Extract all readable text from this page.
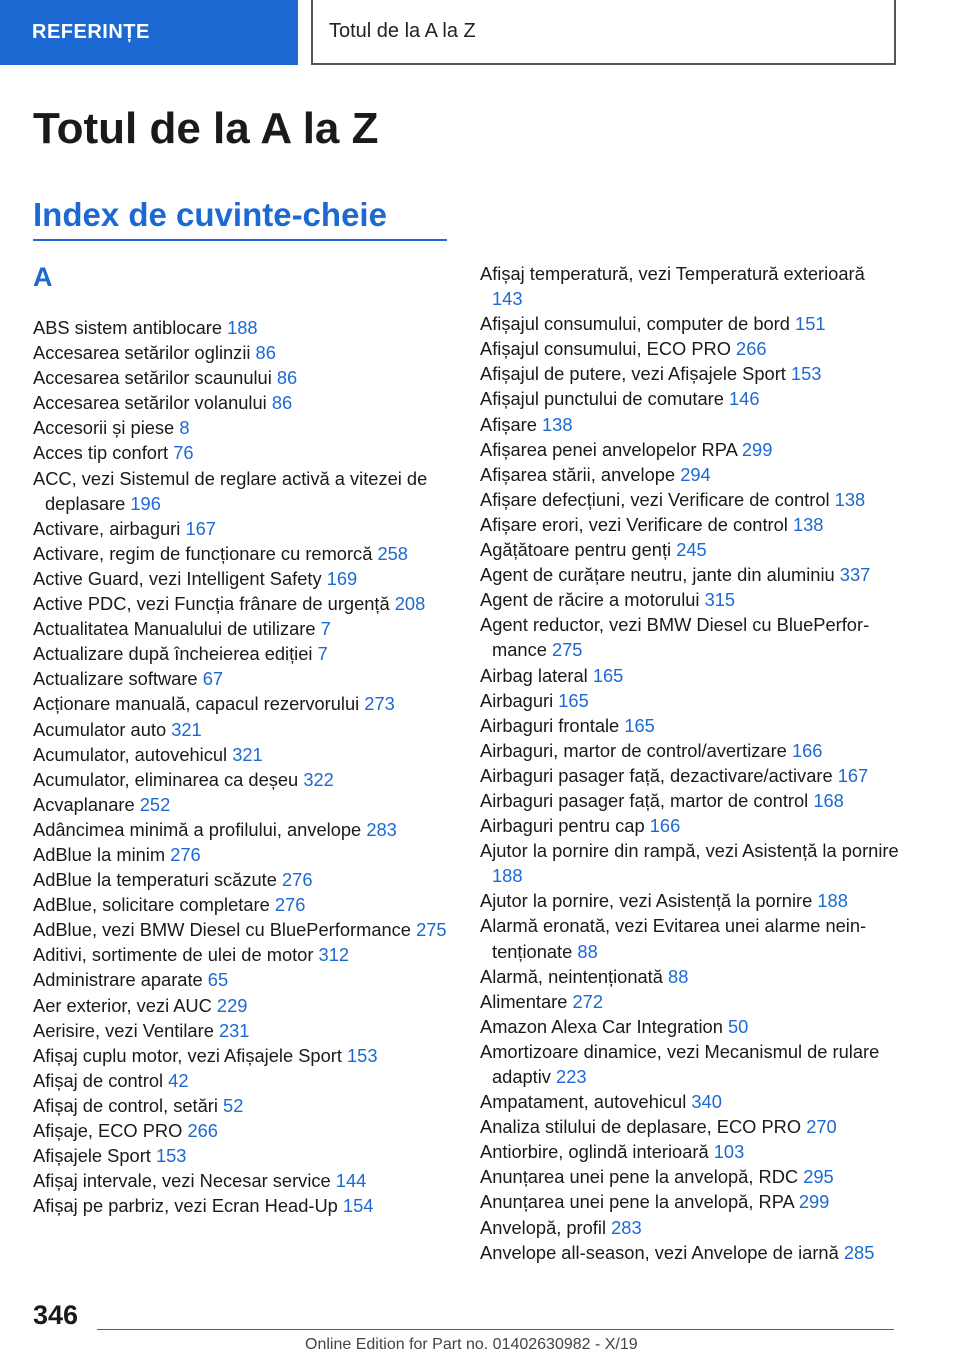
REFERINȚE	Totul de la A la Z
Totul de la A la Z
Index de cuvinte-cheie
A
ABS sistem antiblocare 188
Accesarea setărilor oglinzii 86
Accesarea setărilor scaunului 86
Accesarea setărilor volanului 86
Accesorii și piese 8
Acces tip confort 76
ACC, vezi Sistemul de reglare activă a vitezei de deplasare 196
Activare, airbaguri 167
Activare, regim de funcționare cu remorcă 258
Active Guard, vezi Intelligent Safety 169
Active PDC, vezi Funcția frânare de urgență 208
Actualitatea Manualului de utilizare 7
Actualizare după încheierea ediției 7
Actualizare software 67
Acționare manuală, capacul rezervorului 273
Acumulator auto 321
Acumulator, autovehicul 321
Acumulator, eliminarea ca deșeu 322
Acvaplanare 252
Adâncimea minimă a profilului, anvelope 283
AdBlue la minim 276
AdBlue la temperaturi scăzute 276
AdBlue, solicitare completare 276
AdBlue, vezi BMW Diesel cu BluePerformance 275
Aditivi, sortimente de ulei de motor 312
Administrare aparate 65
Aer exterior, vezi AUC 229
Aerisire, vezi Ventilare 231
Afișaj cuplu motor, vezi Afișajele Sport 153
Afișaj de control 42
Afișaj de control, setări 52
Afișaje, ECO PRO 266
Afișajele Sport 153
Afișaj intervale, vezi Necesar service 144
Afișaj pe parbriz, vezi Ecran Head-Up 154
Afișaj temperatură, vezi Temperatură exterioară 143
Afișajul consumului, computer de bord 151
Afișajul consumului, ECO PRO 266
Afișajul de putere, vezi Afișajele Sport 153
Afișajul punctului de comutare 146
Afișare 138
Afișarea penei anvelopelor RPA 299
Afișarea stării, anvelope 294
Afișare defecțiuni, vezi Verificare de control 138
Afișare erori, vezi Verificare de control 138
Agățătoare pentru genți 245
Agent de curățare neutru, jante din aluminiu 337
Agent de răcire a motorului 315
Agent reductor, vezi BMW Diesel cu BluePerformance 275
Airbag lateral 165
Airbaguri 165
Airbaguri frontale 165
Airbaguri, martor de control/avertizare 166
Airbaguri pasager față, dezactivare/activare 167
Airbaguri pasager față, martor de control 168
Airbaguri pentru cap 166
Ajutor la pornire din rampă, vezi Asistență la pornire 188
Ajutor la pornire, vezi Asistență la pornire 188
Alarmă eronată, vezi Evitarea unei alarme neintenționate 88
Alarmă, neintenționată 88
Alimentare 272
Amazon Alexa Car Integration 50
Amortizoare dinamice, vezi Mecanismul de rulare adaptiv 223
Ampatament, autovehicul 340
Analiza stilului de deplasare, ECO PRO 270
Antiorbire, oglindă interioară 103
Anunțarea unei pene la anvelopă, RDC 295
Anunțarea unei pene la anvelopă, RPA 299
Anvelopă, profil 283
Anvelope all-season, vezi Anvelope de iarnă 285
346
Online Edition for Part no. 01402630982 - X/19
